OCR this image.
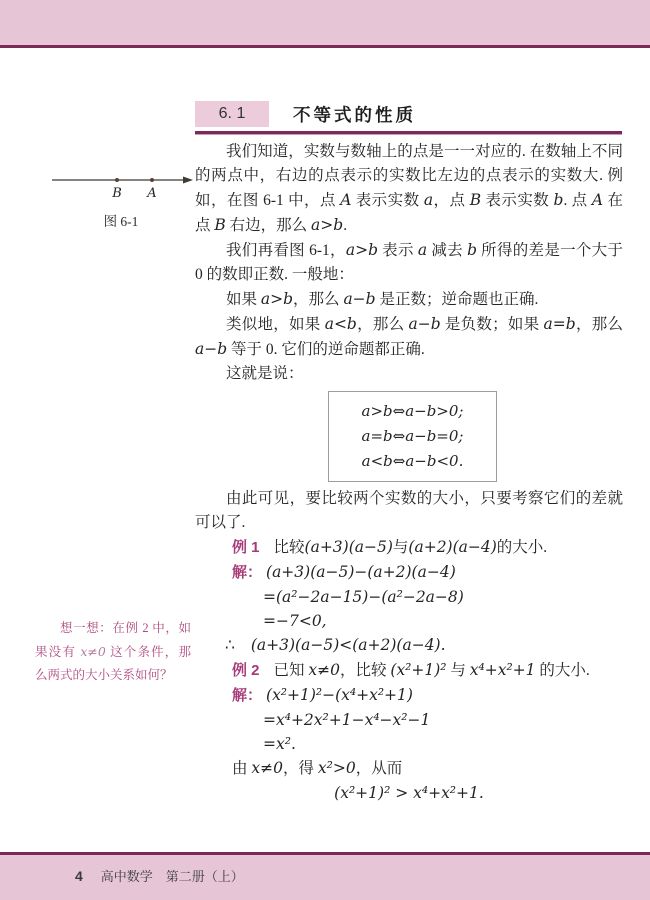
6. 1	不等式的性质
B A
图 6-1
想一想：在例 2 中，如果没有 x≠0 这个条件，那么两式的大小关系如何？

我们知道，实数与数轴上的点是一一对应的. 在数轴上不同的两点中，右边的点表示的实数比左边的点表示的实数大. 例如，在图 6-1 中，点 A 表示实数 a，点 B 表示实数 b. 点 A 在点 B 右边，那么 a>b.

我们再看图 6-1，a>b 表示 a 减去 b 所得的差是一个大于 0 的数即正数. 一般地：

如果 a>b，那么 a−b 是正数；逆命题也正确.

类似地，如果 a<b，那么 a−b 是负数；如果 a=b，那么 a−b 等于 0. 它们的逆命题都正确.

这就是说：

a>b⇔a−b>0;
a=b⇔a−b=0;
a<b⇔a−b<0.

由此可见，要比较两个实数的大小，只要考察它们的差就可以了.

例 1 比较(a+3)(a−5)与(a+2)(a−4)的大小.
解： (a+3)(a−5)−(a+2)(a−4)
=(a²−2a−15)−(a²−2a−8)
=−7<0,
∴ (a+3)(a−5)<(a+2)(a−4).
例 2 已知 x≠0，比较 (x²+1)² 与 x⁴+x²+1 的大小.
解： (x²+1)²−(x⁴+x²+1)
=x⁴+2x²+1−x⁴−x²−1
=x².
由 x≠0，得 x²>0，从而
(x²+1)² > x⁴+x²+1.
4 高中数学　第二册（上）
